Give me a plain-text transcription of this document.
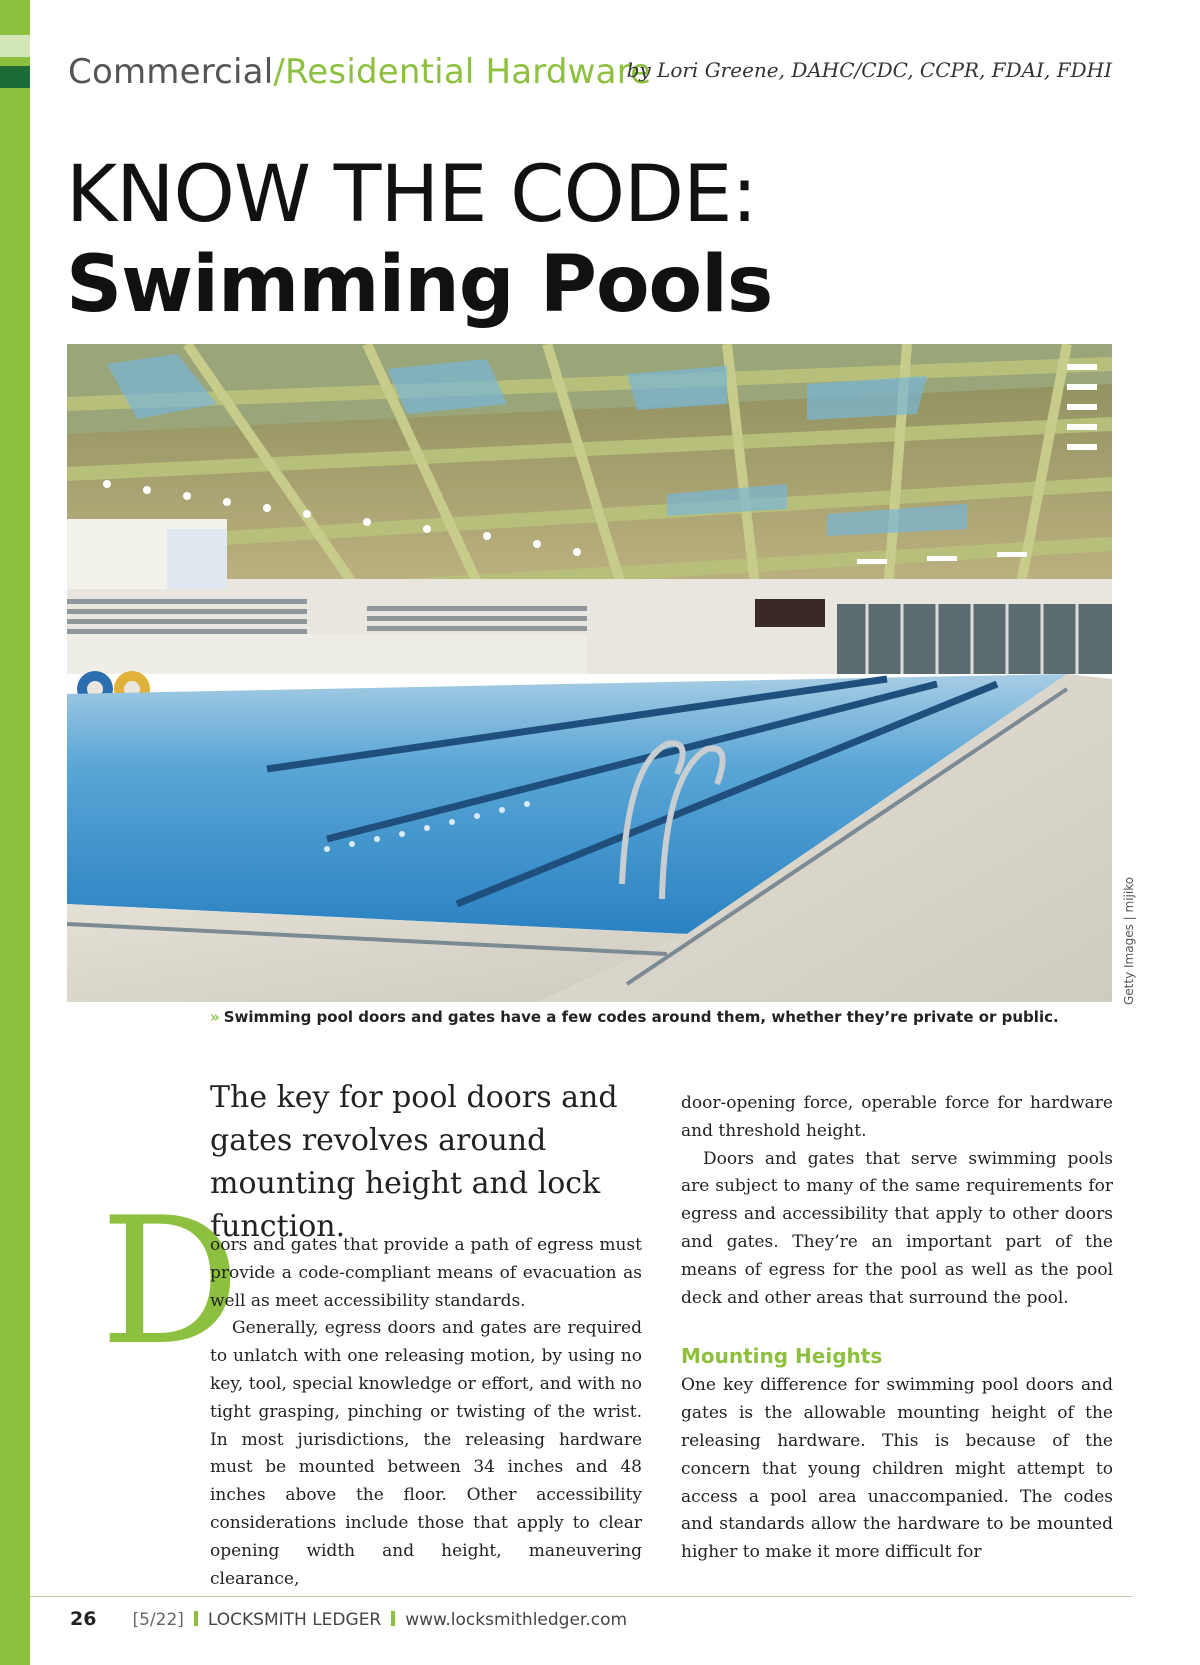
Commercial/Residential Hardware
by Lori Greene, DAHC/CDC, CCPR, FDAI, FDHI
KNOW THE CODE:
Swimming Pools
Getty Images | mijiko
» Swimming pool doors and gates have a few codes around them, whether they’re private or public.
The key for pool doors and gates revolves around mounting height and lock function.
D

oors and gates that provide a path of egress must provide a code-compliant means of evacuation as well as meet accessibility standards.

Generally, egress doors and gates are required to unlatch with one releasing motion, by using no key, tool, special knowledge or effort, and with no tight grasping, pinching or twisting of the wrist. In most jurisdictions, the releasing hardware must be mounted between 34 inches and 48 inches above the floor. Other accessibility considerations include those that apply to clear opening width and height, maneuvering clearance,

door-opening force, operable force for hardware and threshold height.

Doors and gates that serve swimming pools are subject to many of the same requirements for egress and accessibility that apply to other doors and gates. They’re an important part of the means of egress for the pool as well as the pool deck and other areas that surround the pool.

Mounting Heights

One key difference for swimming pool doors and gates is the allowable mounting height of the releasing hardware. This is because of the concern that young children might attempt to access a pool area unaccompanied. The codes and standards allow the hardware to be mounted higher to make it more difficult for

26 [5/22] LOCKSMITH LEDGER www.locksmithledger.com
